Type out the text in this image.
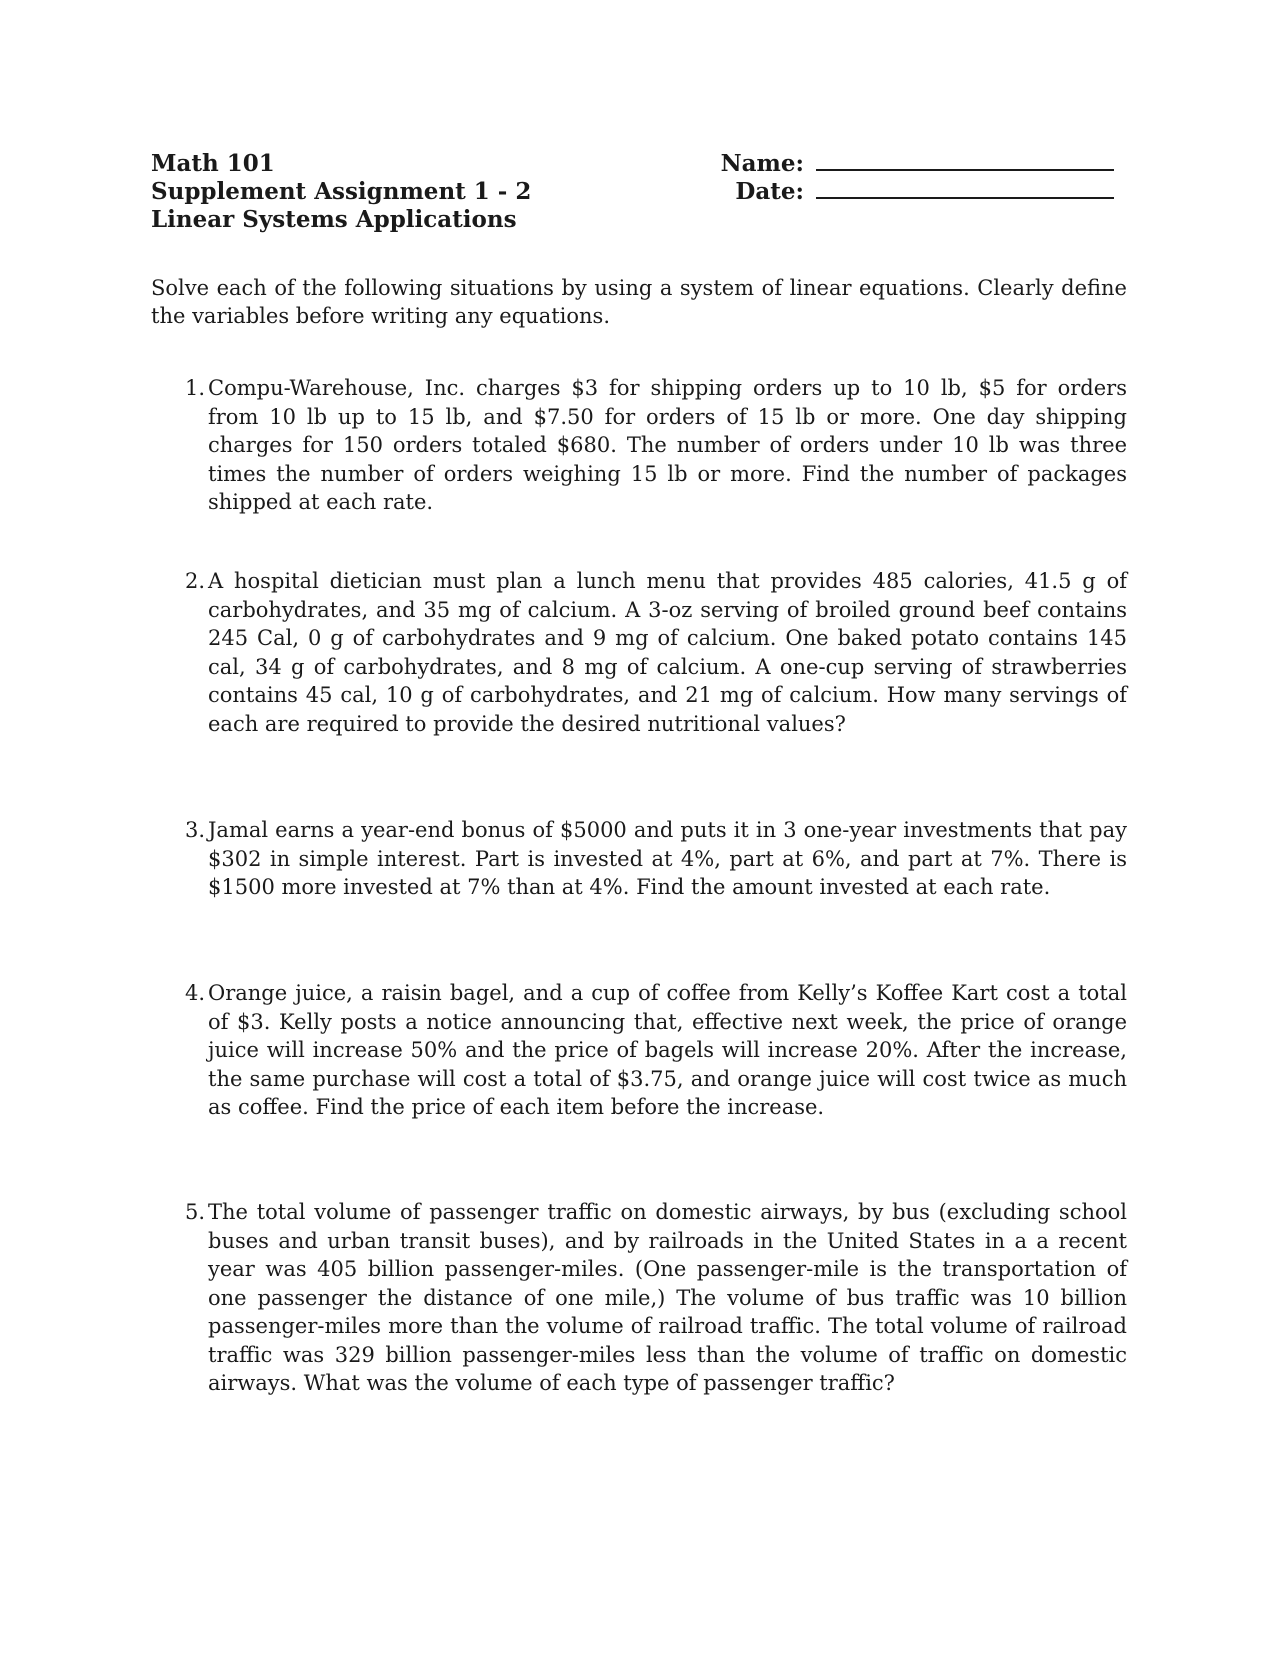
Math 101
Supplement Assignment 1 - 2
Linear Systems Applications
Name:
Date:

Solve each of the following situations by using a system of linear equations. Clearly define the variables before writing any equations.

1. Compu-Warehouse, Inc. charges $3 for shipping orders up to 10 lb, $5 for orders from 10 lb up to 15 lb, and $7.50 for orders of 15 lb or more. One day shipping charges for 150 orders totaled $680. The number of orders under 10 lb was three times the number of orders weighing 15 lb or more. Find the number of packages shipped at each rate.
2. A hospital dietician must plan a lunch menu that provides 485 calories, 41.5 g of carbohydrates, and 35 mg of calcium. A 3-oz serving of broiled ground beef contains 245 Cal, 0 g of carbohydrates and 9 mg of calcium. One baked potato contains 145 cal, 34 g of carbohydrates, and 8 mg of calcium. A one-cup serving of strawberries contains 45 cal, 10 g of carbohydrates, and 21 mg of calcium. How many servings of each are required to provide the desired nutritional values?
3. Jamal earns a year-end bonus of $5000 and puts it in 3 one-year investments that pay $302 in simple interest. Part is invested at 4%, part at 6%, and part at 7%. There is $1500 more invested at 7% than at 4%. Find the amount invested at each rate.
4. Orange juice, a raisin bagel, and a cup of coffee from Kelly’s Koffee Kart cost a total of $3. Kelly posts a notice announcing that, effective next week, the price of orange juice will increase 50% and the price of bagels will increase 20%. After the increase, the same purchase will cost a total of $3.75, and orange juice will cost twice as much as coffee. Find the price of each item before the increase.
5. The total volume of passenger traffic on domestic airways, by bus (excluding school buses and urban transit buses), and by railroads in the United States in a a recent year was 405 billion passenger-miles. (One passenger-mile is the transportation of one passenger the distance of one mile,) The volume of bus traffic was 10 billion passenger-miles more than the volume of railroad traffic. The total volume of railroad traffic was 329 billion passenger-miles less than the volume of traffic on domestic airways. What was the volume of each type of passenger traffic?
